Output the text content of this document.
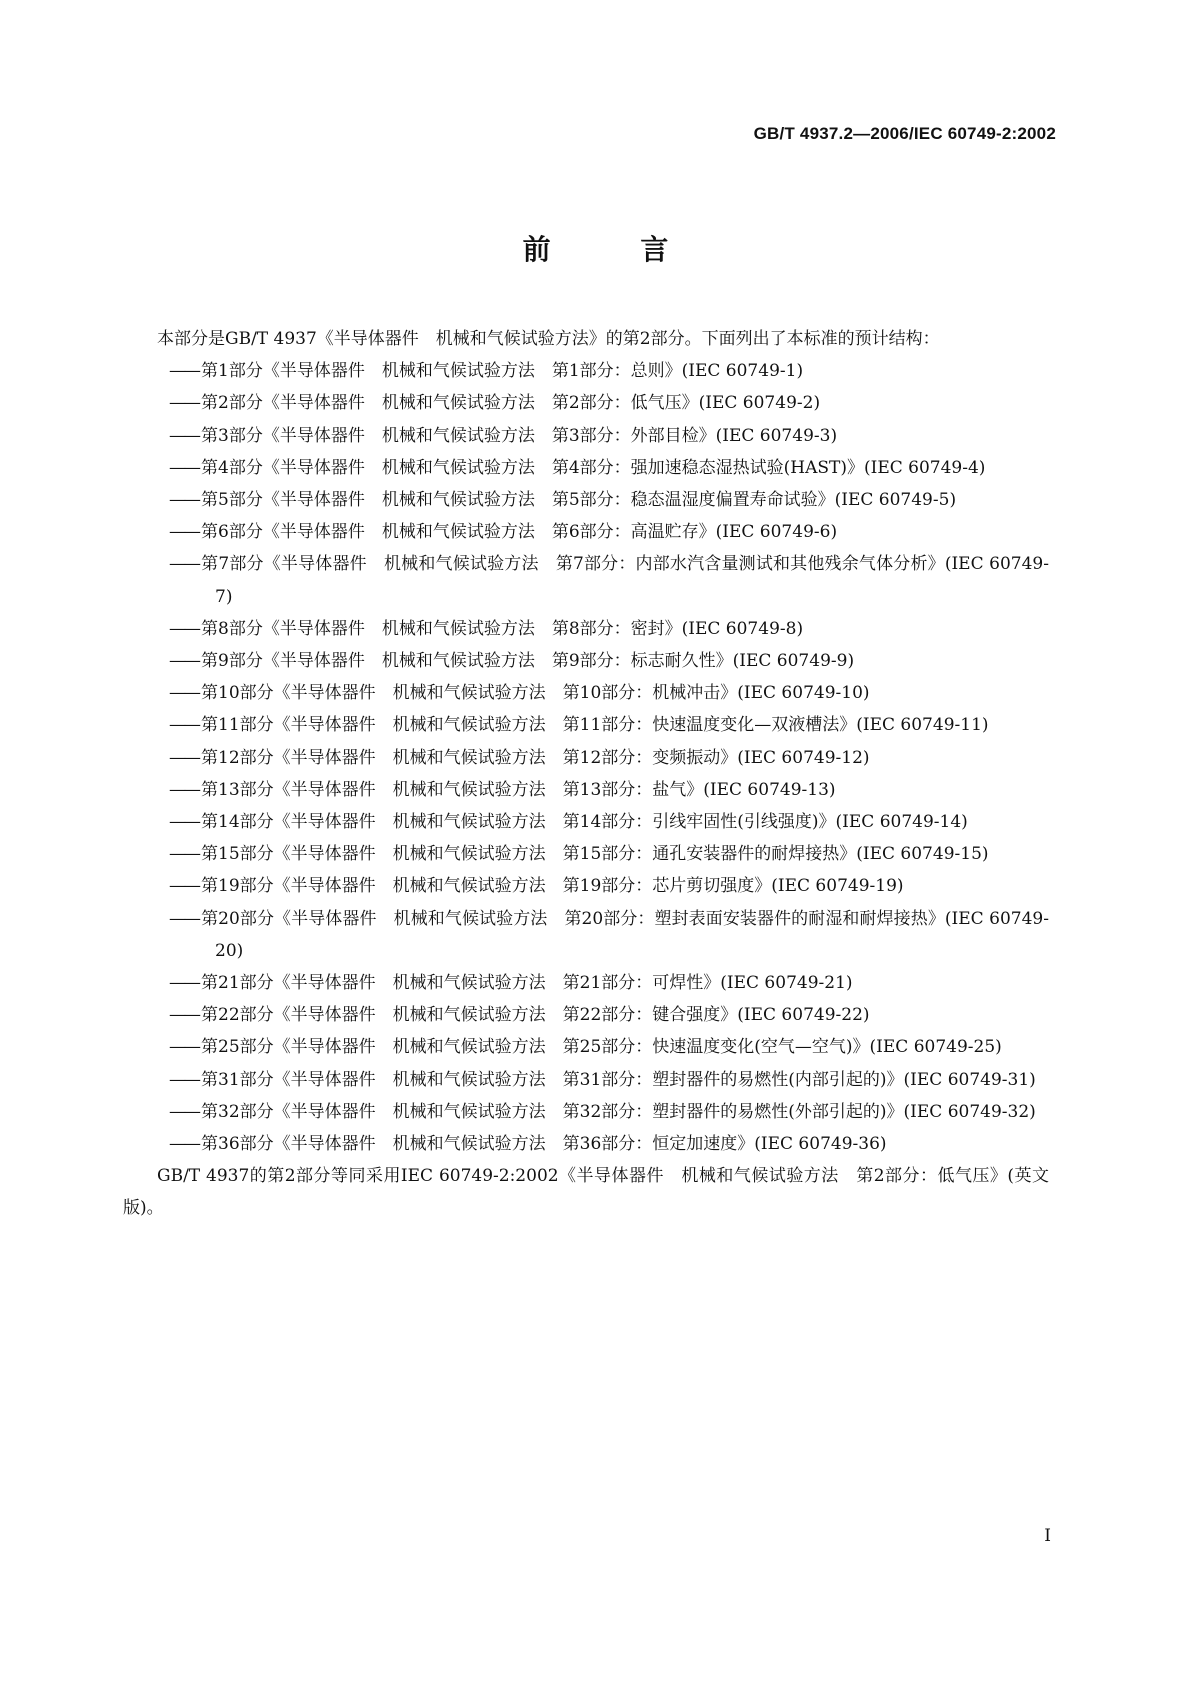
GB/T 4937.2—2006/IEC 60749-2:2002
前 言

本部分是GB/T 4937《半导体器件　机械和气候试验方法》的第2部分。下面列出了本标准的预计结构：

—— 第1部分《半导体器件　机械和气候试验方法　第1部分：总则》(IEC 60749-1)
—— 第2部分《半导体器件　机械和气候试验方法　第2部分：低气压》(IEC 60749-2)
—— 第3部分《半导体器件　机械和气候试验方法　第3部分：外部目检》(IEC 60749-3)
—— 第4部分《半导体器件　机械和气候试验方法　第4部分：强加速稳态湿热试验(HAST)》(IEC 60749-4)
—— 第5部分《半导体器件　机械和气候试验方法　第5部分：稳态温湿度偏置寿命试验》(IEC 60749-5)
—— 第6部分《半导体器件　机械和气候试验方法　第6部分：高温贮存》(IEC 60749-6)
—— 第7部分《半导体器件　机械和气候试验方法　第7部分：内部水汽含量测试和其他残余气体分析》(IEC 60749-7)
—— 第8部分《半导体器件　机械和气候试验方法　第8部分：密封》(IEC 60749-8)
—— 第9部分《半导体器件　机械和气候试验方法　第9部分：标志耐久性》(IEC 60749-9)
—— 第10部分《半导体器件　机械和气候试验方法　第10部分：机械冲击》(IEC 60749-10)
—— 第11部分《半导体器件　机械和气候试验方法　第11部分：快速温度变化—双液槽法》(IEC 60749-11)
—— 第12部分《半导体器件　机械和气候试验方法　第12部分：变频振动》(IEC 60749-12)
—— 第13部分《半导体器件　机械和气候试验方法　第13部分：盐气》(IEC 60749-13)
—— 第14部分《半导体器件　机械和气候试验方法　第14部分：引线牢固性(引线强度)》(IEC 60749-14)
—— 第15部分《半导体器件　机械和气候试验方法　第15部分：通孔安装器件的耐焊接热》(IEC 60749-15)
—— 第19部分《半导体器件　机械和气候试验方法　第19部分：芯片剪切强度》(IEC 60749-19)
—— 第20部分《半导体器件　机械和气候试验方法　第20部分：塑封表面安装器件的耐湿和耐焊接热》(IEC 60749-20)
—— 第21部分《半导体器件　机械和气候试验方法　第21部分：可焊性》(IEC 60749-21)
—— 第22部分《半导体器件　机械和气候试验方法　第22部分：键合强度》(IEC 60749-22)
—— 第25部分《半导体器件　机械和气候试验方法　第25部分：快速温度变化(空气—空气)》(IEC 60749-25)
—— 第31部分《半导体器件　机械和气候试验方法　第31部分：塑封器件的易燃性(内部引起的)》(IEC 60749-31)
—— 第32部分《半导体器件　机械和气候试验方法　第32部分：塑封器件的易燃性(外部引起的)》(IEC 60749-32)
—— 第36部分《半导体器件　机械和气候试验方法　第36部分：恒定加速度》(IEC 60749-36)

GB/T 4937的第2部分等同采用IEC 60749-2:2002《半导体器件　机械和气候试验方法　第2部分：低气压》(英文版)。

I
